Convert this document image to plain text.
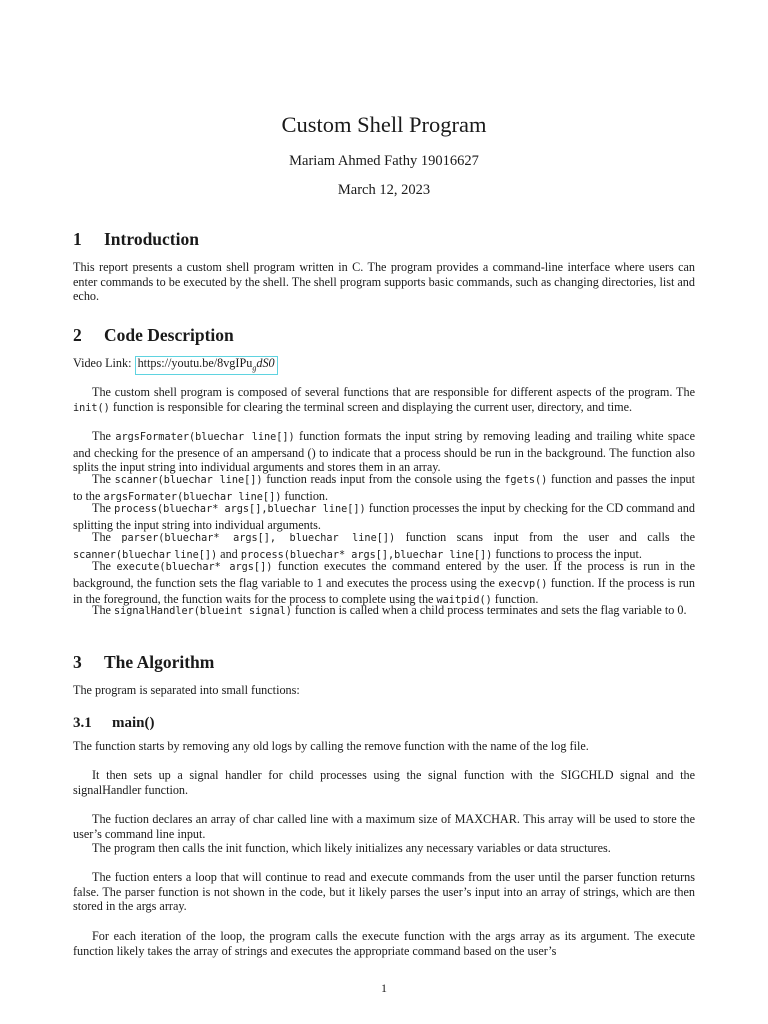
Custom Shell Program
Mariam Ahmed Fathy 19016627
March 12, 2023
1 Introduction

This report presents a custom shell program written in C. The program provides a command-line interface where users can enter commands to be executed by the shell. The shell program supports basic commands, such as changing directories, list and echo.

2 Code Description
Video Link: https://youtu.be/8vgIPu$_g$dS0

The custom shell program is composed of several functions that are responsible for different aspects of the program. The init() function is responsible for clearing the terminal screen and displaying the current user, directory, and time.

The argsFormater(bluechar line[]) function formats the input string by removing leading and trailing white space and checking for the presence of an ampersand () to indicate that a process should be run in the background. The function also splits the input string into individual arguments and stores them in an array.

The scanner(bluechar line[]) function reads input from the console using the fgets() function and passes the input to the argsFormater(bluechar line[]) function.

The process(bluechar* args[],bluechar line[]) function processes the input by checking for the CD command and splitting the input string into individual arguments.

The parser(bluechar* args[], bluechar line[]) function scans input from the user and calls the scanner(bluechar line[]) and process(bluechar* args[],bluechar line[]) functions to process the input.

The execute(bluechar* args[]) function executes the command entered by the user. If the process is run in the background, the function sets the flag variable to 1 and executes the process using the execvp() function. If the process is run in the foreground, the function waits for the process to complete using the waitpid() function.

The signalHandler(blueint signal) function is called when a child process terminates and sets the flag variable to 0.

3 The Algorithm

The program is separated into small functions:

3.1 main()

The function starts by removing any old logs by calling the remove function with the name of the log file.

It then sets up a signal handler for child processes using the signal function with the SIGCHLD signal and the signalHandler function.

The fuction declares an array of char called line with a maximum size of MAXCHAR. This array will be used to store the user’s command line input.

The program then calls the init function, which likely initializes any necessary variables or data structures.

The fuction enters a loop that will continue to read and execute commands from the user until the parser function returns false. The parser function is not shown in the code, but it likely parses the user’s input into an array of strings, which are then stored in the args array.

For each iteration of the loop, the program calls the execute function with the args array as its argument. The execute function likely takes the array of strings and executes the appropriate command based on the user’s

1
